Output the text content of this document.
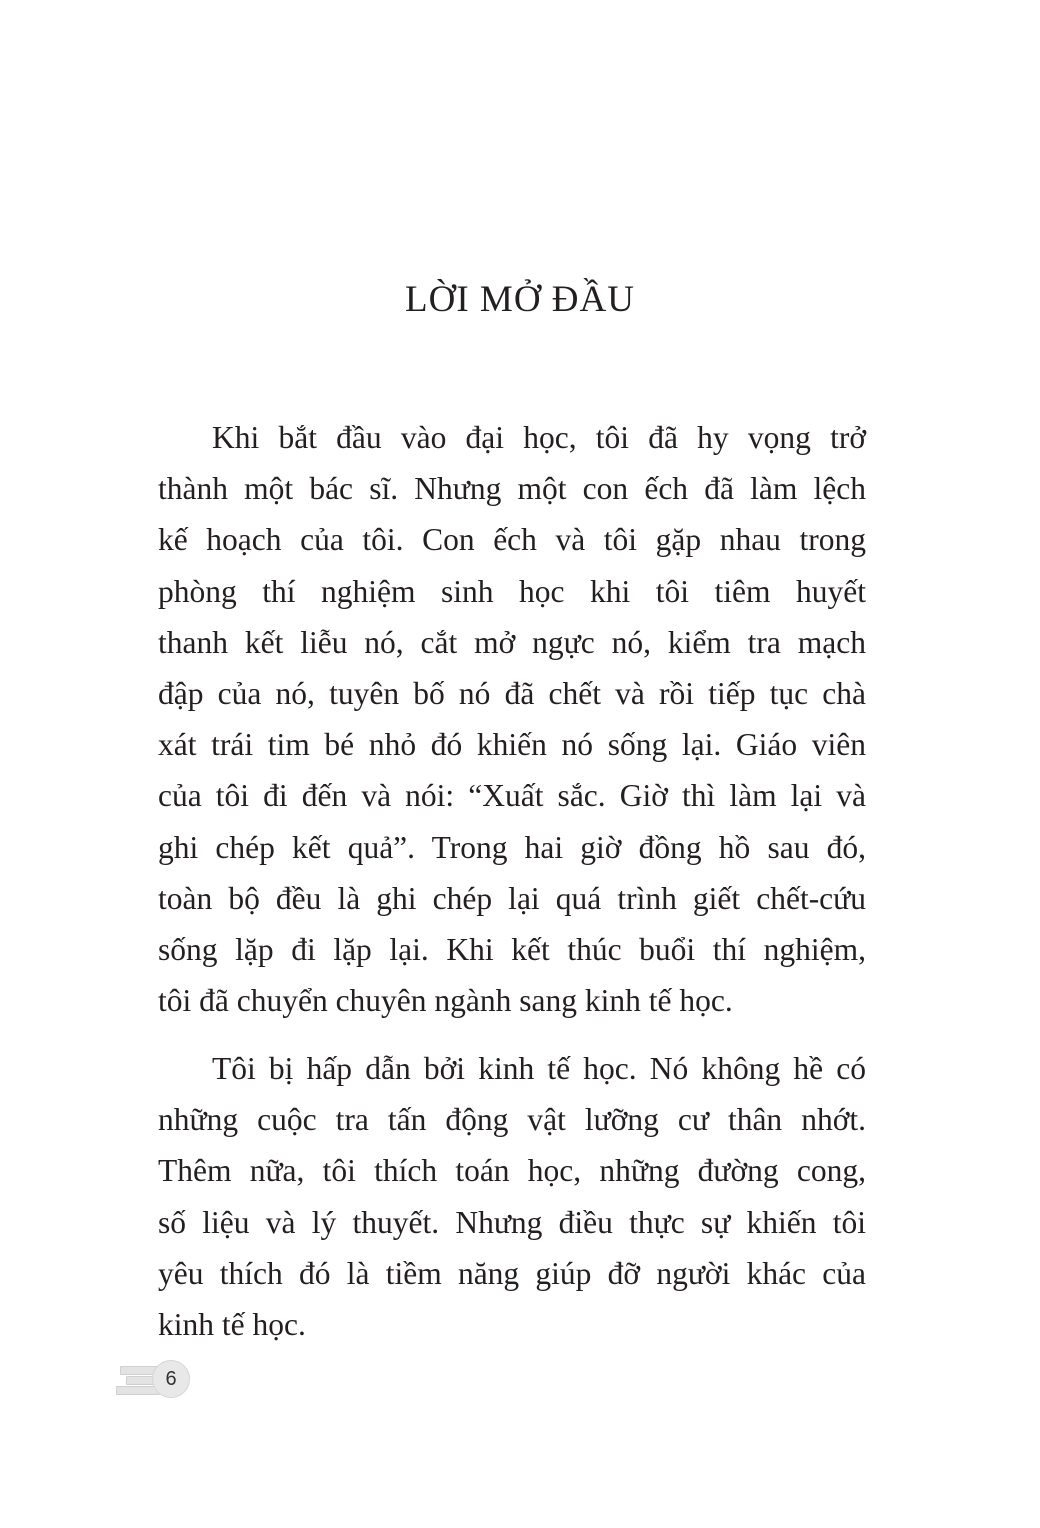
LỜI MỞ ĐẦU
Khi bắt đầu vào đại học, tôi đã hy vọng trở
thành một bác sĩ. Nhưng một con ếch đã làm lệch
kế hoạch của tôi. Con ếch và tôi gặp nhau trong
phòng thí nghiệm sinh học khi tôi tiêm huyết
thanh kết liễu nó, cắt mở ngực nó, kiểm tra mạch
đập của nó, tuyên bố nó đã chết và rồi tiếp tục chà
xát trái tim bé nhỏ đó khiến nó sống lại. Giáo viên
của tôi đi đến và nói: “Xuất sắc. Giờ thì làm lại và
ghi chép kết quả”. Trong hai giờ đồng hồ sau đó,
toàn bộ đều là ghi chép lại quá trình giết chết-cứu
sống lặp đi lặp lại. Khi kết thúc buổi thí nghiệm,
tôi đã chuyển chuyên ngành sang kinh tế học.
Tôi bị hấp dẫn bởi kinh tế học. Nó không hề có
những cuộc tra tấn động vật lưỡng cư thân nhớt.
Thêm nữa, tôi thích toán học, những đường cong,
số liệu và lý thuyết. Nhưng điều thực sự khiến tôi
yêu thích đó là tiềm năng giúp đỡ người khác của
kinh tế học.
6
